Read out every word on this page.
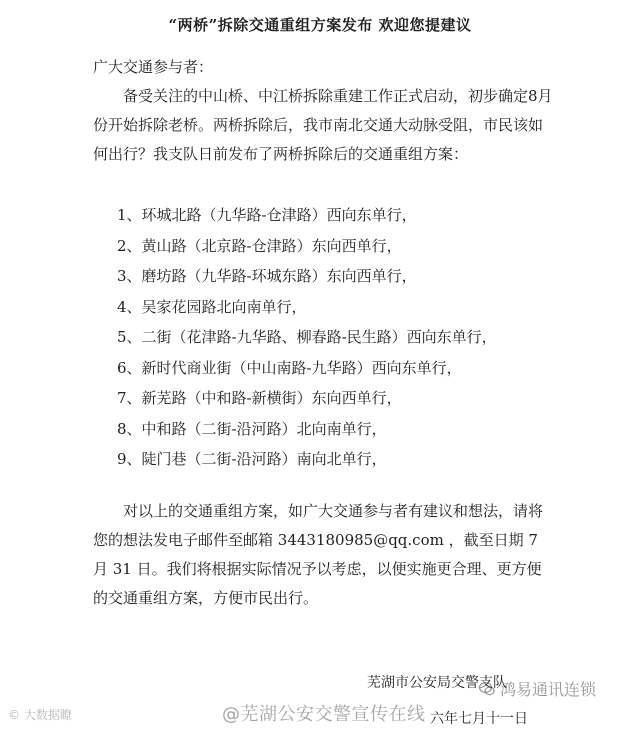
“两桥”拆除交通重组方案发布 欢迎您提建议
广大交通参与者：
备受关注的中山桥、中江桥拆除重建工作正式启动，初步确定8月份开始拆除老桥。两桥拆除后，我市南北交通大动脉受阻，市民该如何出行？我支队日前发布了两桥拆除后的交通重组方案：
1、环城北路（九华路-仓津路）西向东单行，
2、黄山路（北京路-仓津路）东向西单行，
3、磨坊路（九华路-环城东路）东向西单行，
4、吴家花园路北向南单行，
5、二街（花津路-九华路、柳春路-民生路）西向东单行，
6、新时代商业街（中山南路-九华路）西向东单行，
7、新芜路（中和路-新横街）东向西单行，
8、中和路（二街-沿河路）北向南单行，
9、陡门巷（二街-沿河路）南向北单行，
对以上的交通重组方案，如广大交通参与者有建议和想法，请将您的想法发电子邮件至邮箱 3443180985@qq.com ，截至日期 7 月 31 日。我们将根据实际情况予以考虑，以便实施更合理、更方便的交通重组方案，方便市民出行。
芜湖市公安局交警支队
六年七月十一日
© 大数据瞭	@芜湖公安交警宣传在线
鸿易通讯连锁
